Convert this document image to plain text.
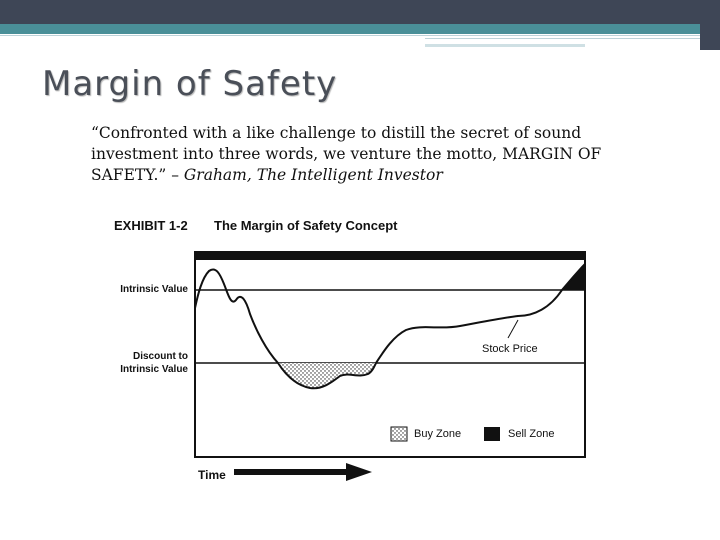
Margin of Safety
“Confronted with a like challenge to distill the secret of sound investment into three words, we venture the motto, MARGIN OF SAFETY.” – Graham, The Intelligent Investor
EXHIBIT 1-2 The Margin of Safety Concept
Intrinsic Value
Discount to
Intrinsic Value
Stock Price
Buy Zone	Sell Zone
Time
